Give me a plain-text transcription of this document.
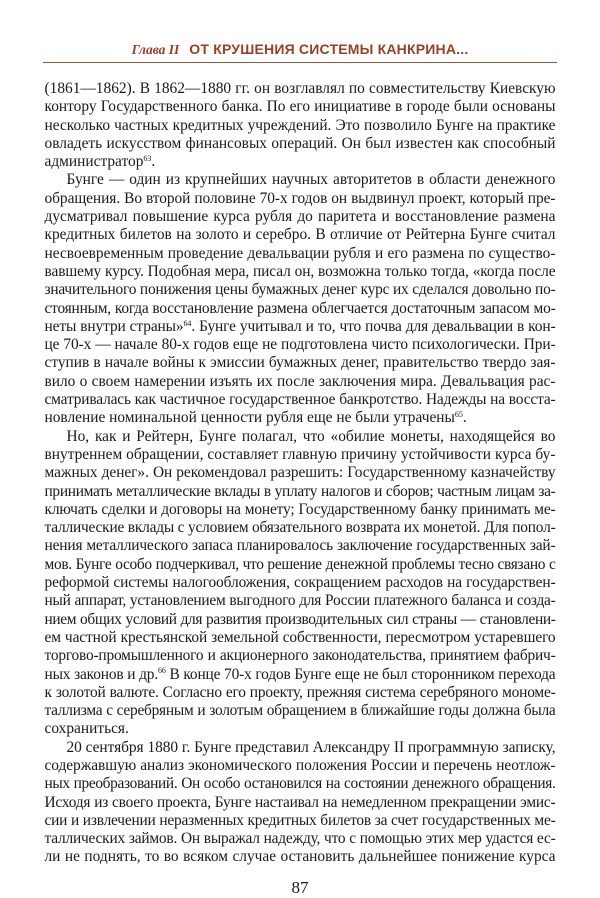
Глава II ОТ КРУШЕНИЯ СИСТЕМЫ КАНКРИНА...
(1861—1862). В 1862—1880 гг. он возглавлял по совместительству Киевскую
контору Государственного банка. По его инициативе в городе были основаны
несколько частных кредитных учреждений. Это позволило Бунге на практике
овладеть искусством финансовых операций. Он был известен как способный
администратор$^{63}$.
Бунге — один из крупнейших научных авторитетов в области денежного
обращения. Во второй половине 70-х годов он выдвинул проект, который пре-
дусматривал повышение курса рубля до паритета и восстановление размена
кредитных билетов на золото и серебро. В отличие от Рейтерна Бунге считал
несвоевременным проведение девальвации рубля и его размена по существо-
вавшему курсу. Подобная мера, писал он, возможна только тогда, «когда после
значительного понижения цены бумажных денег курс их сделался довольно по-
стоянным, когда восстановление размена облегчается достаточным запасом мо-
неты внутри страны»$^{64}$. Бунге учитывал и то, что почва для девальвации в кон-
це 70-х — начале 80-х годов еще не подготовлена чисто психологически. При-
ступив в начале войны к эмиссии бумажных денег, правительство твердо зая-
вило о своем намерении изъять их после заключения мира. Девальвация рас-
сматривалась как частичное государственное банкротство. Надежды на восста-
новление номинальной ценности рубля еще не были утрачены$^{65}$.
Но, как и Рейтерн, Бунге полагал, что «обилие монеты, находящейся во
внутреннем обращении, составляет главную причину устойчивости курса бу-
мажных денег». Он рекомендовал разрешить: Государственному казначейству
принимать металлические вклады в уплату налогов и сборов; частным лицам за-
ключать сделки и договоры на монету; Государственному банку принимать ме-
таллические вклады с условием обязательного возврата их монетой. Для попол-
нения металлического запаса планировалось заключение государственных зай-
мов. Бунге особо подчеркивал, что решение денежной проблемы тесно связано с
реформой системы налогообложения, сокращением расходов на государствен-
ный аппарат, установлением выгодного для России платежного баланса и созда-
нием общих условий для развития производительных сил страны — становлени-
ем частной крестьянской земельной собственности, пересмотром устаревшего
торгово-промышленного и акционерного законодательства, принятием фабрич-
ных законов и др.$^{66}$ В конце 70-х годов Бунге еще не был сторонником перехода
к золотой валюте. Согласно его проекту, прежняя система серебряного мономе-
таллизма с серебряным и золотым обращением в ближайшие годы должна была
сохраниться.
20 сентября 1880 г. Бунге представил Александру II программную записку,
содержавшую анализ экономического положения России и перечень неотлож-
ных преобразований. Он особо остановился на состоянии денежного обращения.
Исходя из своего проекта, Бунге настаивал на немедленном прекращении эмис-
сии и извлечении неразменных кредитных билетов за счет государственных ме-
таллических займов. Он выражал надежду, что с помощью этих мер удастся ес-
ли не поднять, то во всяком случае остановить дальнейшее понижение курса
87
